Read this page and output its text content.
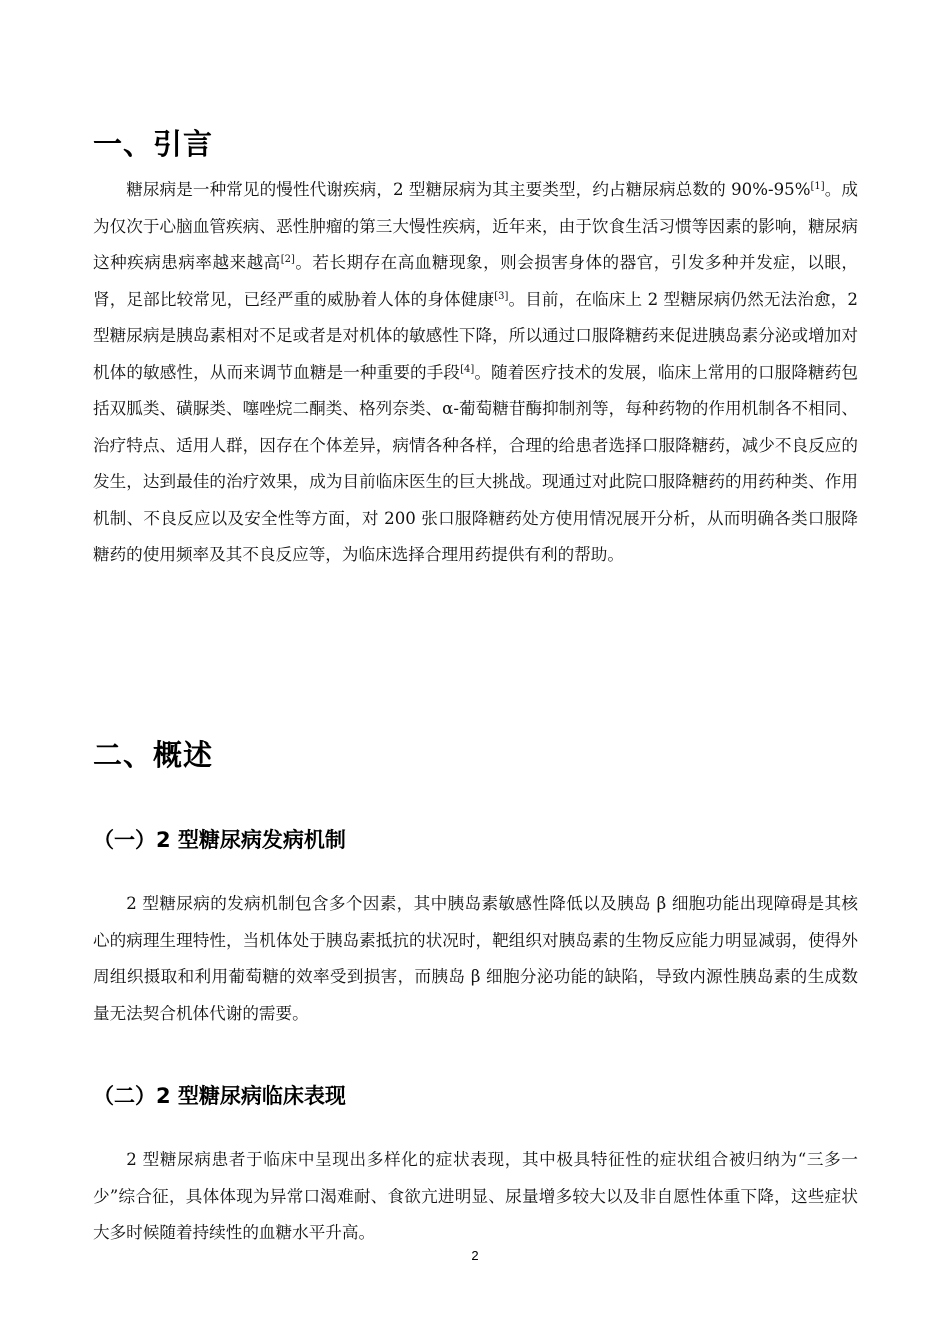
一、引言

糖尿病是一种常见的慢性代谢疾病，2 型糖尿病为其主要类型，约占糖尿病总数的 90%-95%[1]。成为仅次于心脑血管疾病、恶性肿瘤的第三大慢性疾病，近年来，由于饮食生活习惯等因素的影响，糖尿病这种疾病患病率越来越高[2]。若长期存在高血糖现象，则会损害身体的器官，引发多种并发症，以眼，肾，足部比较常见，已经严重的威胁着人体的身体健康[3]。目前，在临床上 2 型糖尿病仍然无法治愈，2 型糖尿病是胰岛素相对不足或者是对机体的敏感性下降，所以通过口服降糖药来促进胰岛素分泌或增加对机体的敏感性，从而来调节血糖是一种重要的手段[4]。随着医疗技术的发展，临床上常用的口服降糖药包括双胍类、磺脲类、噻唑烷二酮类、格列奈类、α-葡萄糖苷酶抑制剂等，每种药物的作用机制各不相同、治疗特点、适用人群，因存在个体差异，病情各种各样，合理的给患者选择口服降糖药，减少不良反应的发生，达到最佳的治疗效果，成为目前临床医生的巨大挑战。现通过对此院口服降糖药的用药种类、作用机制、不良反应以及安全性等方面，对 200 张口服降糖药处方使用情况展开分析，从而明确各类口服降糖药的使用频率及其不良反应等，为临床选择合理用药提供有利的帮助。

二、概述
（一）2 型糖尿病发病机制

2 型糖尿病的发病机制包含多个因素，其中胰岛素敏感性降低以及胰岛 β 细胞功能出现障碍是其核心的病理生理特性，当机体处于胰岛素抵抗的状况时，靶组织对胰岛素的生物反应能力明显减弱，使得外周组织摄取和利用葡萄糖的效率受到损害，而胰岛 β 细胞分泌功能的缺陷，导致内源性胰岛素的生成数量无法契合机体代谢的需要。

（二）2 型糖尿病临床表现

2 型糖尿病患者于临床中呈现出多样化的症状表现，其中极具特征性的症状组合被归纳为“三多一少”综合征，具体体现为异常口渴难耐、食欲亢进明显、尿量增多较大以及非自愿性体重下降，这些症状大多时候随着持续性的血糖水平升高。

2
